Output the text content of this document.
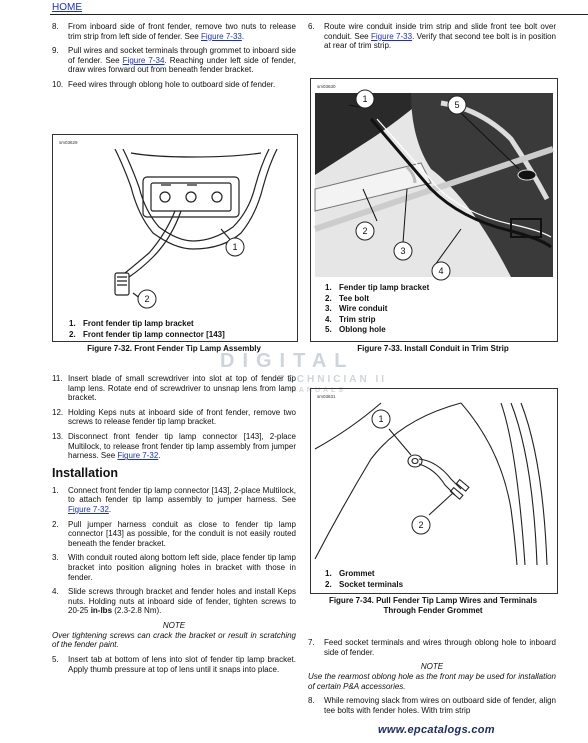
HOME
8.	From inboard side of front fender, remove two nuts to release trim strip from left side of fender. See Figure 7-33.
9.	Pull wires and socket terminals through grommet to inboard side of fender. See Figure 7-34. Reaching under left side of fender, draw wires forward out from beneath fender bracket.
10. Feed wires through oblong hole to outboard side of fender.
sm03629
1
2
1. Front fender tip lamp bracket
2. Front fender tip lamp connector [143]
Figure 7-32. Front Fender Tip Lamp Assembly
11. Insert blade of small screwdriver into slot at top of fender tip lamp lens. Rotate end of screwdriver to unsnap lens from lamp bracket.
12. Holding Keps nuts at inboard side of front fender, remove two screws to release fender tip lamp bracket.
13. Disconnect front fender tip lamp connector [143], 2-place Multilock, to release front fender tip lamp assembly from jumper harness. See Figure 7-32.
Installation
1.	Connect front fender tip lamp connector [143], 2-place Multilock, to attach fender tip lamp assembly to jumper harness. See Figure 7-32.
2.	Pull jumper harness conduit as close to fender tip lamp connector [143] as possible, for the conduit is not easily routed beneath the fender bracket.
3.	With conduit routed along bottom left side, place fender tip lamp bracket into position aligning holes in bracket with those in fender.
4.	Slide screws through bracket and fender holes and install Keps nuts. Holding nuts at inboard side of fender, tighten screws to 20-25 in-lbs (2.3-2.8 Nm).
NOTE
Over tightening screws can crack the bracket or result in scratching of the fender paint.
5.	Insert tab at bottom of lens into slot of fender tip lamp bracket. Apply thumb pressure at top of lens until it snaps into place.
6.	Route wire conduit inside trim strip and slide front tee bolt over conduit. See Figure 7-33. Verify that second tee bolt is in position at rear of trim strip.
sm03630
1
2
3
4
5
1. Fender tip lamp bracket
2. Tee bolt
3. Wire conduit
4. Trim strip
5. Oblong hole
Figure 7-33. Install Conduit in Trim Strip
sm03631
1
2
1. Grommet
2. Socket terminals
Figure 7-34. Pull Fender Tip Lamp Wires and Terminals
Through Fender Grommet
7.	Feed socket terminals and wires through oblong hole to inboard side of fender.
NOTE
Use the rearmost oblong hole as the front may be used for installation of certain P&A accessories.
8.	While removing slack from wires on outboard side of fender, align tee bolts with fender holes. With trim strip
DIGITAL
TECHNICIAN II
MANUALS
www.epcatalogs.com
